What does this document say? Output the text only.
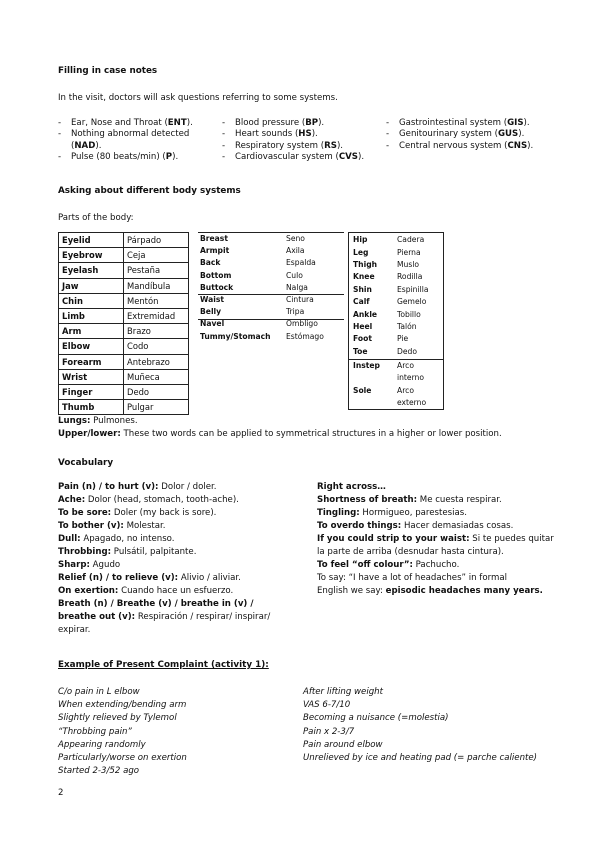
Filling in case notes
In the visit, doctors will ask questions referring to some systems.
-	Ear, Nose and Throat (ENT).
-	Nothing abnormal detected (NAD).
-	Pulse (80 beats/min) (P).
-	Blood pressure (BP).
-	Heart sounds (HS).
-	Respiratory system (RS).
-	Cardiovascular system (CVS).
-	Gastrointestinal system (GIS).
-	Genitourinary system (GUS).
-	Central nervous system (CNS).
Asking about different body systems
Parts of the body:
Eyelid	Párpado
Eyebrow	Ceja
Eyelash	Pestaña
Jaw	Mandíbula
Chin	Mentón
Limb	Extremidad
Arm	Brazo
Elbow	Codo
Forearm	Antebrazo
Wrist	Muñeca
Finger	Dedo
Thumb	Pulgar
Breast	Seno
Armpit	Axila
Back	Espalda
Bottom	Culo
Buttock	Nalga
Waist	Cintura
Belly	Tripa
Navel	Ombligo
Tummy/Stomach	Estómago
Hip	Cadera
Leg	Pierna
Thigh	Muslo
Knee	Rodilla
Shin	Espinilla
Calf	Gemelo
Ankle	Tobillo
Heel	Talón
Foot	Pie
Toe	Dedo
Instep	Arco
interno
Sole	Arco
externo
Lungs: Pulmones.
Upper/lower: These two words can be applied to symmetrical structures in a higher or lower position.
Vocabulary

Pain (n) / to hurt (v): Dolor / doler.

Ache: Dolor (head, stomach, tooth-ache).

To be sore: Doler (my back is sore).

To bother (v): Molestar.

Dull: Apagado, no intenso.

Throbbing: Pulsátil, palpitante.

Sharp: Agudo

Relief (n) / to relieve (v): Alivio / aliviar.

On exertion: Cuando hace un esfuerzo.

Breath (n) / Breathe (v) / breathe in (v) /

breathe out (v): Respiración / respirar/ inspirar/

expirar.

Right across…

Shortness of breath: Me cuesta respirar.

Tingling: Hormigueo, parestesias.

To overdo things: Hacer demasiadas cosas.

If you could strip to your waist: Si te puedes quitar

la parte de arriba (desnudar hasta cintura).

To feel “off colour”: Pachucho.

To say: “I have a lot of headaches” in formal

English we say: episodic headaches many years.

Example of Present Complaint (activity 1):

C/o pain in L elbow

When extending/bending arm

Slightly relieved by Tylemol

“Throbbing pain”

Appearing randomly

Particularly/worse on exertion

Started 2-3/52 ago

After lifting weight

VAS 6-7/10

Becoming a nuisance (=molestia)

Pain x 2-3/7

Pain around elbow

Unrelieved by ice and heating pad (= parche caliente)

2
